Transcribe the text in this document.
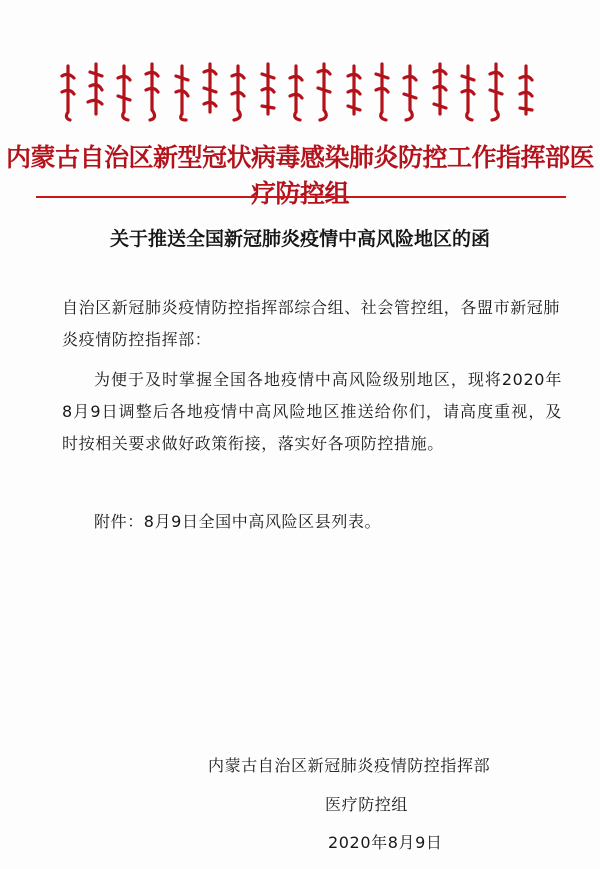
内蒙古自治区新型冠状病毒感染肺炎防控工作指挥部医疗防控组
关于推送全国新冠肺炎疫情中高风险地区的函
自治区新冠肺炎疫情防控指挥部综合组、社会管控组，各盟市新冠肺炎疫情防控指挥部：
为便于及时掌握全国各地疫情中高风险级别地区，现将2020年8月9日调整后各地疫情中高风险地区推送给你们，请高度重视，及时按相关要求做好政策衔接，落实好各项防控措施。
附件：8月9日全国中高风险区县列表。
内蒙古自治区新冠肺炎疫情防控指挥部
医疗防控组
2020年8月9日
